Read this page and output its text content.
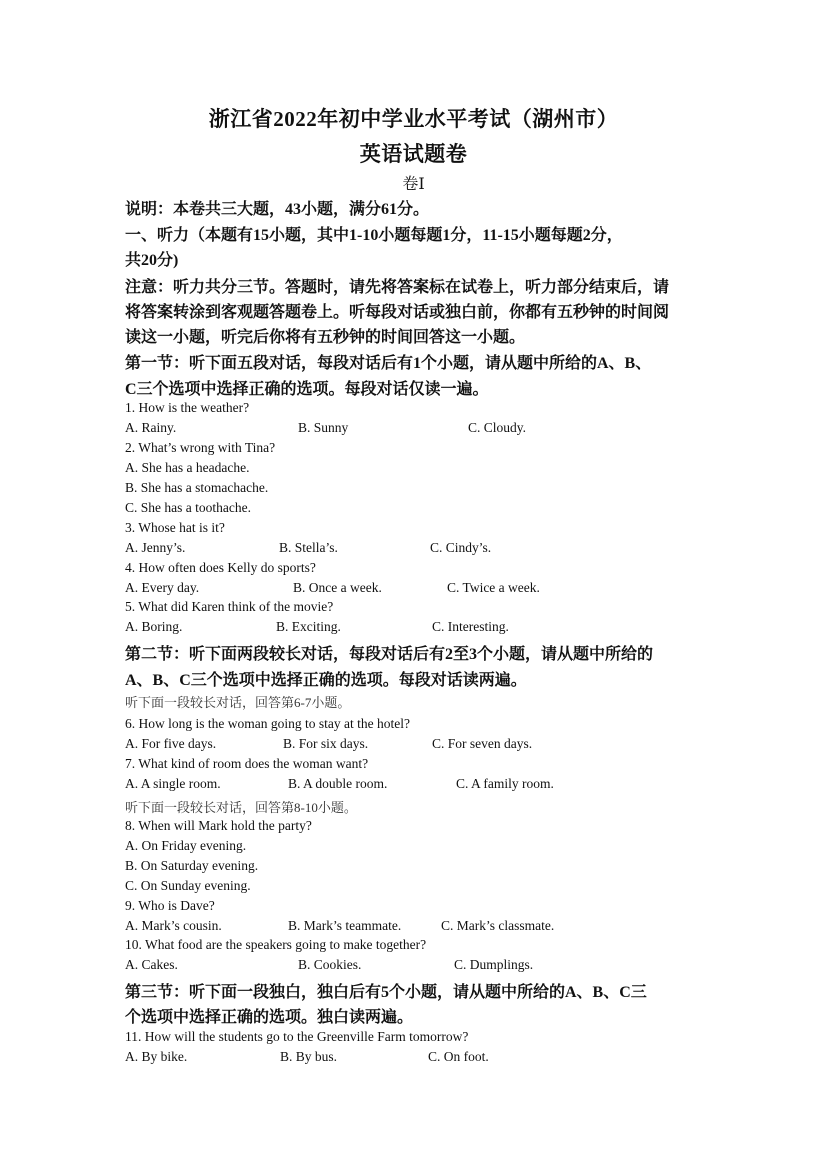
浙江省2022年初中学业水平考试（湖州市）
英语试题卷
卷Ⅰ
说明：本卷共三大题，43小题，满分61分。
一、听力（本题有15小题，其中1-10小题每题1分，11-15小题每题2分，
共20分)
注意：听力共分三节。答题时，请先将答案标在试卷上，听力部分结束后，请
将答案转涂到客观题答题卷上。听每段对话或独白前，你都有五秒钟的时间阅
读这一小题，听完后你将有五秒钟的时间回答这一小题。
第一节：听下面五段对话，每段对话后有1个小题，请从题中所给的A、B、
C三个选项中选择正确的选项。每段对话仅读一遍。
1. How is the weather?
A. Rainy.	B. Sunny	C. Cloudy.
2. What’s wrong with Tina?
A. She has a headache.
B. She has a stomachache.
C. She has a toothache.
3. Whose hat is it?
A. Jenny’s.	B. Stella’s.	C. Cindy’s.
4. How often does Kelly do sports?
A. Every day.	B. Once a week.	C. Twice a week.
5. What did Karen think of the movie?
A. Boring.	B. Exciting.	C. Interesting.
第二节：听下面两段较长对话，每段对话后有2至3个小题，请从题中所给的
A、B、C三个选项中选择正确的选项。每段对话读两遍。
听下面一段较长对话，回答第6-7小题。
6. How long is the woman going to stay at the hotel?
A. For five days.	B. For six days.	C. For seven days.
7. What kind of room does the woman want?
A. A single room.	B. A double room.	C. A family room.
听下面一段较长对话，回答第8-10小题。
8. When will Mark hold the party?
A. On Friday evening.
B. On Saturday evening.
C. On Sunday evening.
9. Who is Dave?
A. Mark’s cousin.	B. Mark’s teammate.	C. Mark’s classmate.
10. What food are the speakers going to make together?
A. Cakes.	B. Cookies.	C. Dumplings.
第三节：听下面一段独白，独白后有5个小题，请从题中所给的A、B、C三
个选项中选择正确的选项。独白读两遍。
11. How will the students go to the Greenville Farm tomorrow?
A. By bike.	B. By bus.	C. On foot.
